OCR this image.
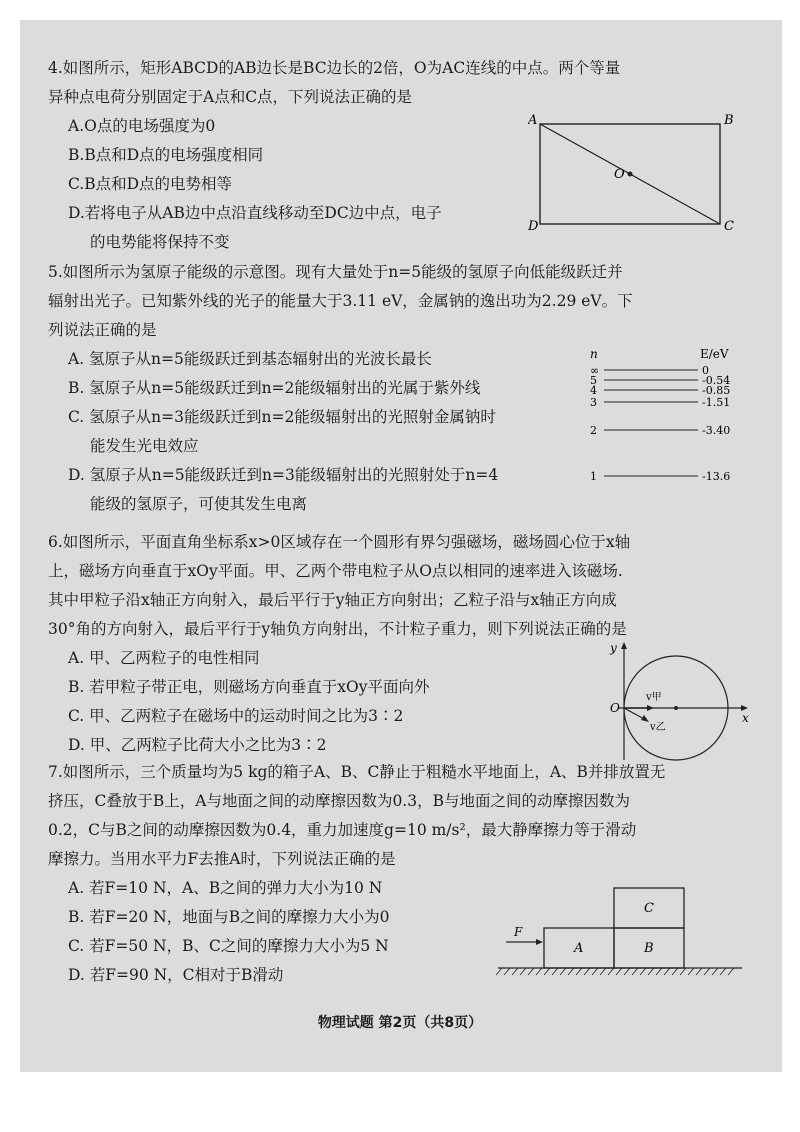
4.如图所示，矩形ABCD的AB边长是BC边长的2倍，O为AC连线的中点。两个等量
异种点电荷分别固定于A点和C点，下列说法正确的是
A.O点的电场强度为0
B.B点和D点的电场强度相同
C.B点和D点的电势相等
D.若将电子从AB边中点沿直线移动至DC边中点，电子
的电势能将保持不变
A	B
C
D
O
5.如图所示为氢原子能级的示意图。现有大量处于n=5能级的氢原子向低能级跃迁并
辐射出光子。已知紫外线的光子的能量大于3.11 eV，金属钠的逸出功为2.29 eV。下
列说法正确的是
A. 氢原子从n=5能级跃迁到基态辐射出的光波长最长
B. 氢原子从n=5能级跃迁到n=2能级辐射出的光属于紫外线
C. 氢原子从n=3能级跃迁到n=2能级辐射出的光照射金属钠时
能发生光电效应
D. 氢原子从n=5能级跃迁到n=3能级辐射出的光照射处于n=4
能级的氢原子，可使其发生电离
n	E/eV
∞	0
5	-0.54
4	-0.85
3	-1.51
2	-3.40
1	-13.6
6.如图所示，平面直角坐标系x>0区域存在一个圆形有界匀强磁场，磁场圆心位于x轴
上，磁场方向垂直于xOy平面。甲、乙两个带电粒子从O点以相同的速率进入该磁场.
其中甲粒子沿x轴正方向射入，最后平行于y轴正方向射出；乙粒子沿与x轴正方向成
30°角的方向射入，最后平行于y轴负方向射出，不计粒子重力，则下列说法正确的是
A. 甲、乙两粒子的电性相同
B. 若甲粒子带正电，则磁场方向垂直于xOy平面向外
C. 甲、乙两粒子在磁场中的运动时间之比为3∶2
D. 甲、乙两粒子比荷大小之比为3∶2
y
x
O
v甲
v乙
7.如图所示，三个质量均为5 kg的箱子A、B、C静止于粗糙水平地面上，A、B并排放置无
挤压，C叠放于B上，A与地面之间的动摩擦因数为0.3，B与地面之间的动摩擦因数为
0.2，C与B之间的动摩擦因数为0.4，重力加速度g=10 m/s²，最大静摩擦力等于滑动
摩擦力。当用水平力F去推A时，下列说法正确的是
A. 若F=10 N，A、B之间的弹力大小为10 N
B. 若F=20 N，地面与B之间的摩擦力大小为0
C. 若F=50 N，B、C之间的摩擦力大小为5 N
D. 若F=90 N，C相对于B滑动
F
A	B
C
物理试题 第2页（共8页）
